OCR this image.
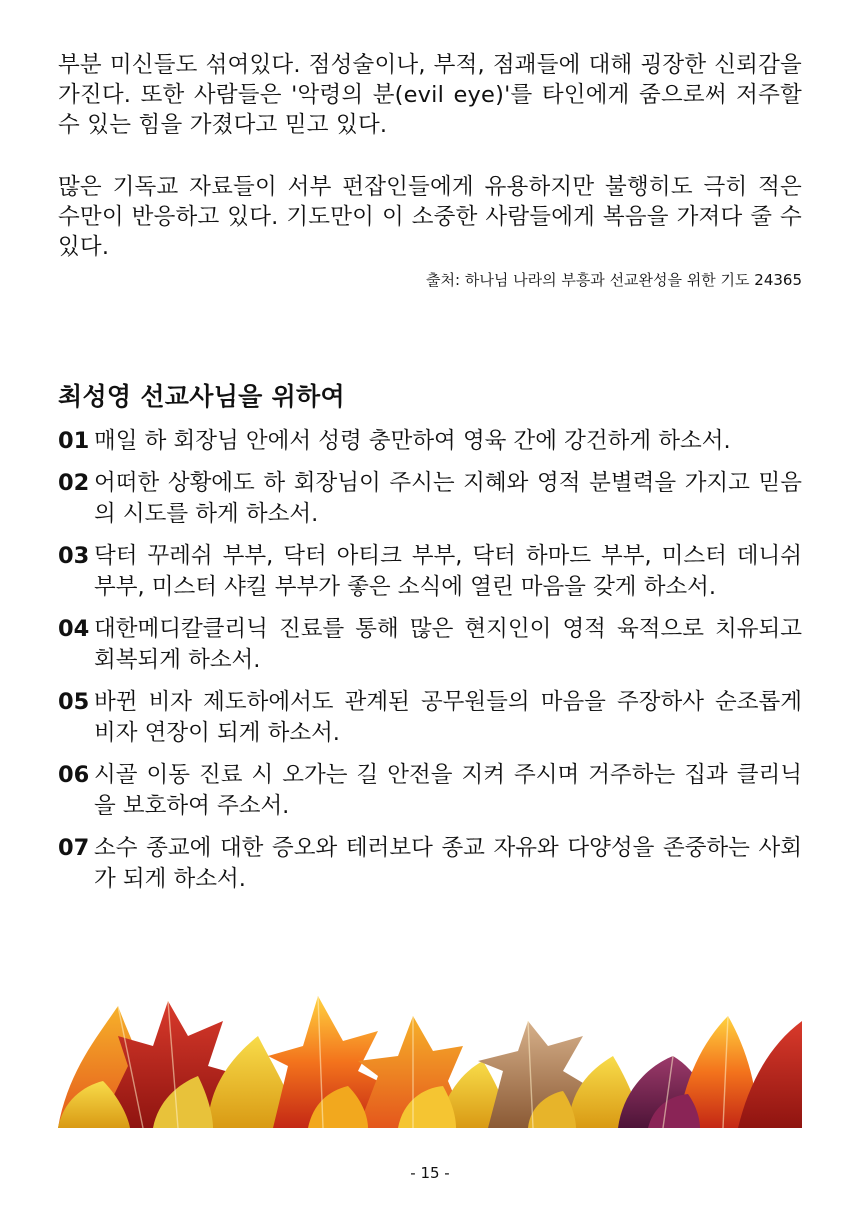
부분 미신들도 섞여있다. 점성술이나, 부적, 점괘들에 대해 굉장한 신뢰감을 가진다. 또한 사람들은 '악령의 분(evil eye)'를 타인에게 줌으로써 저주할 수 있는 힘을 가졌다고 믿고 있다.

많은 기독교 자료들이 서부 펀잡인들에게 유용하지만 불행히도 극히 적은 수만이 반응하고 있다. 기도만이 이 소중한 사람들에게 복음을 가져다 줄 수 있다.

출처: 하나님 나라의 부흥과 선교완성을 위한 기도 24365
최성영 선교사님을 위하여
01 매일 하 회장님 안에서 성령 충만하여 영육 간에 강건하게 하소서.
02 어떠한 상황에도 하 회장님이 주시는 지혜와 영적 분별력을 가지고 믿음의 시도를 하게 하소서.
03 닥터 꾸레쉬 부부, 닥터 아티크 부부, 닥터 하마드 부부, 미스터 데니쉬 부부, 미스터 샤킬 부부가 좋은 소식에 열린 마음을 갖게 하소서.
04 대한메디칼클리닉 진료를 통해 많은 현지인이 영적 육적으로 치유되고 회복되게 하소서.
05 바뀐 비자 제도하에서도 관계된 공무원들의 마음을 주장하사 순조롭게 비자 연장이 되게 하소서.
06 시골 이동 진료 시 오가는 길 안전을 지켜 주시며 거주하는 집과 클리닉을 보호하여 주소서.
07 소수 종교에 대한 증오와 테러보다 종교 자유와 다양성을 존중하는 사회가 되게 하소서.
- 15 -
